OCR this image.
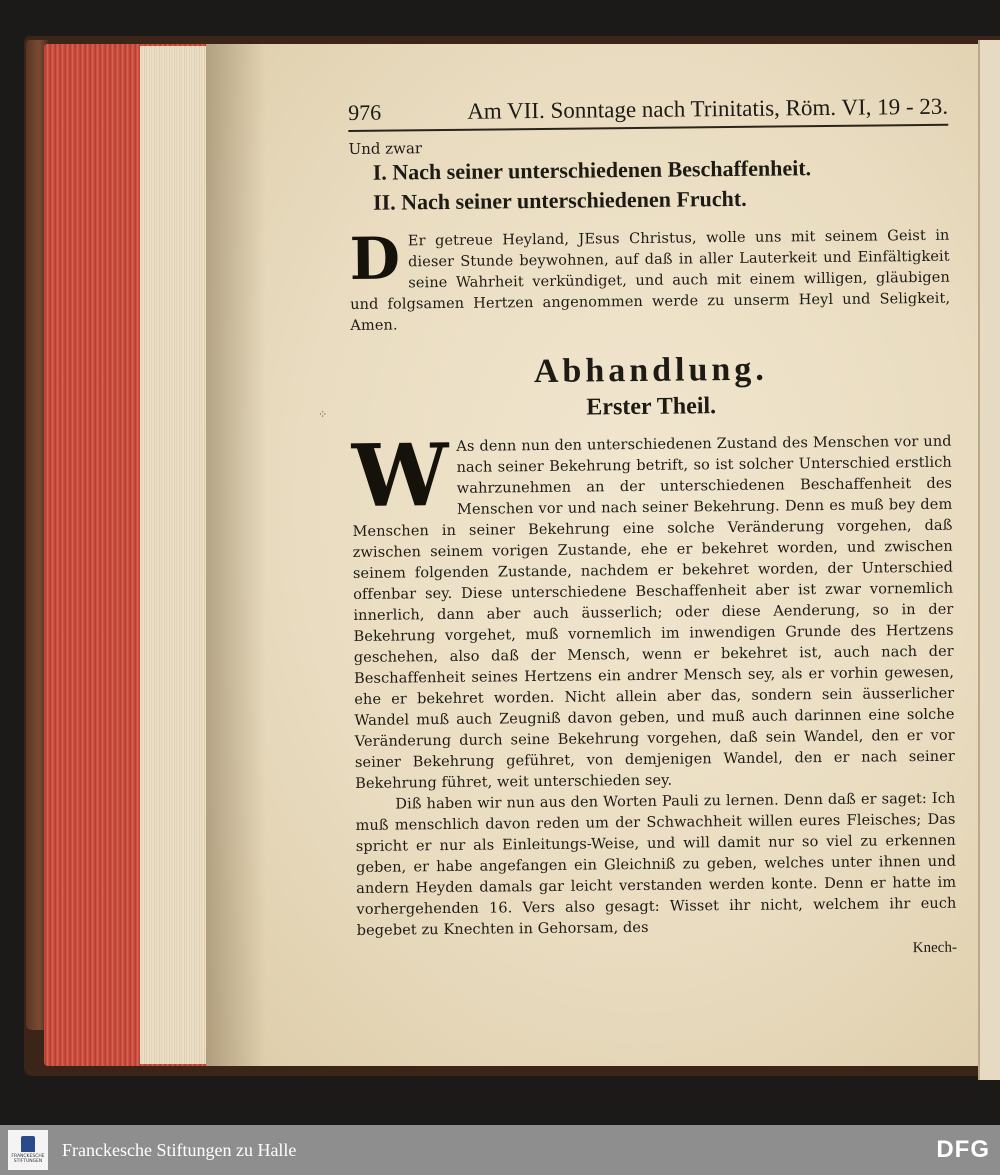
976	Am VII. Sonntage nach Trinitatis, Röm. VI, 19 - 23.
Und zwar
I. Nach seiner unterschiedenen Beschaffenheit.
II. Nach seiner unterschiedenen Frucht.
D Er getreue Heyland, JEsus Christus, wolle uns mit seinem Geist in dieser Stunde beywohnen, auf daß in aller Lauterkeit und Einfältigkeit seine Wahrheit verkündiget, und auch mit einem willigen, gläubigen und folgsamen Hertzen angenommen werde zu unserm Heyl und Seligkeit, Amen.
Abhandlung.
Erster Theil.
W As denn nun den unterschiedenen Zustand des Menschen vor und nach seiner Bekehrung betrift, so ist solcher Unterschied erstlich wahrzunehmen an der unterschiedenen Beschaffenheit des Menschen vor und nach seiner Bekehrung. Denn es muß bey dem Menschen in seiner Bekehrung eine solche Veränderung vorgehen, daß zwischen seinem vorigen Zustande, ehe er bekehret worden, und zwischen seinem folgenden Zustande, nachdem er bekehret worden, der Unterschied offenbar sey. Diese unterschiedene Beschaffenheit aber ist zwar vornemlich innerlich, dann aber auch äusserlich; oder diese Aenderung, so in der Bekehrung vorgehet, muß vornemlich im inwendigen Grunde des Hertzens geschehen, also daß der Mensch, wenn er bekehret ist, auch nach der Beschaffenheit seines Hertzens ein andrer Mensch sey, als er vorhin gewesen, ehe er bekehret worden. Nicht allein aber das, sondern sein äusserlicher Wandel muß auch Zeugniß davon geben, und muß auch darinnen eine solche Veränderung durch seine Bekehrung vorgehen, daß sein Wandel, den er vor seiner Bekehrung geführet, von demjenigen Wandel, den er nach seiner Bekehrung führet, weit unterschieden sey.
Diß haben wir nun aus den Worten Pauli zu lernen. Denn daß er saget: Ich muß menschlich davon reden um der Schwachheit willen eures Fleisches; Das spricht er nur als Einleitungs-Weise, und will damit nur so viel zu erkennen geben, er habe angefangen ein Gleichniß zu geben, welches unter ihnen und andern Heyden damals gar leicht verstanden werden konte. Denn er hatte im vorhergehenden 16. Vers also gesagt: Wisset ihr nicht, welchem ihr euch begebet zu Knechten in Gehorsam, des
Knech-
⁘
FRANCKESCHE STIFTUNGEN
Franckesche Stiftungen zu Halle	DFG
